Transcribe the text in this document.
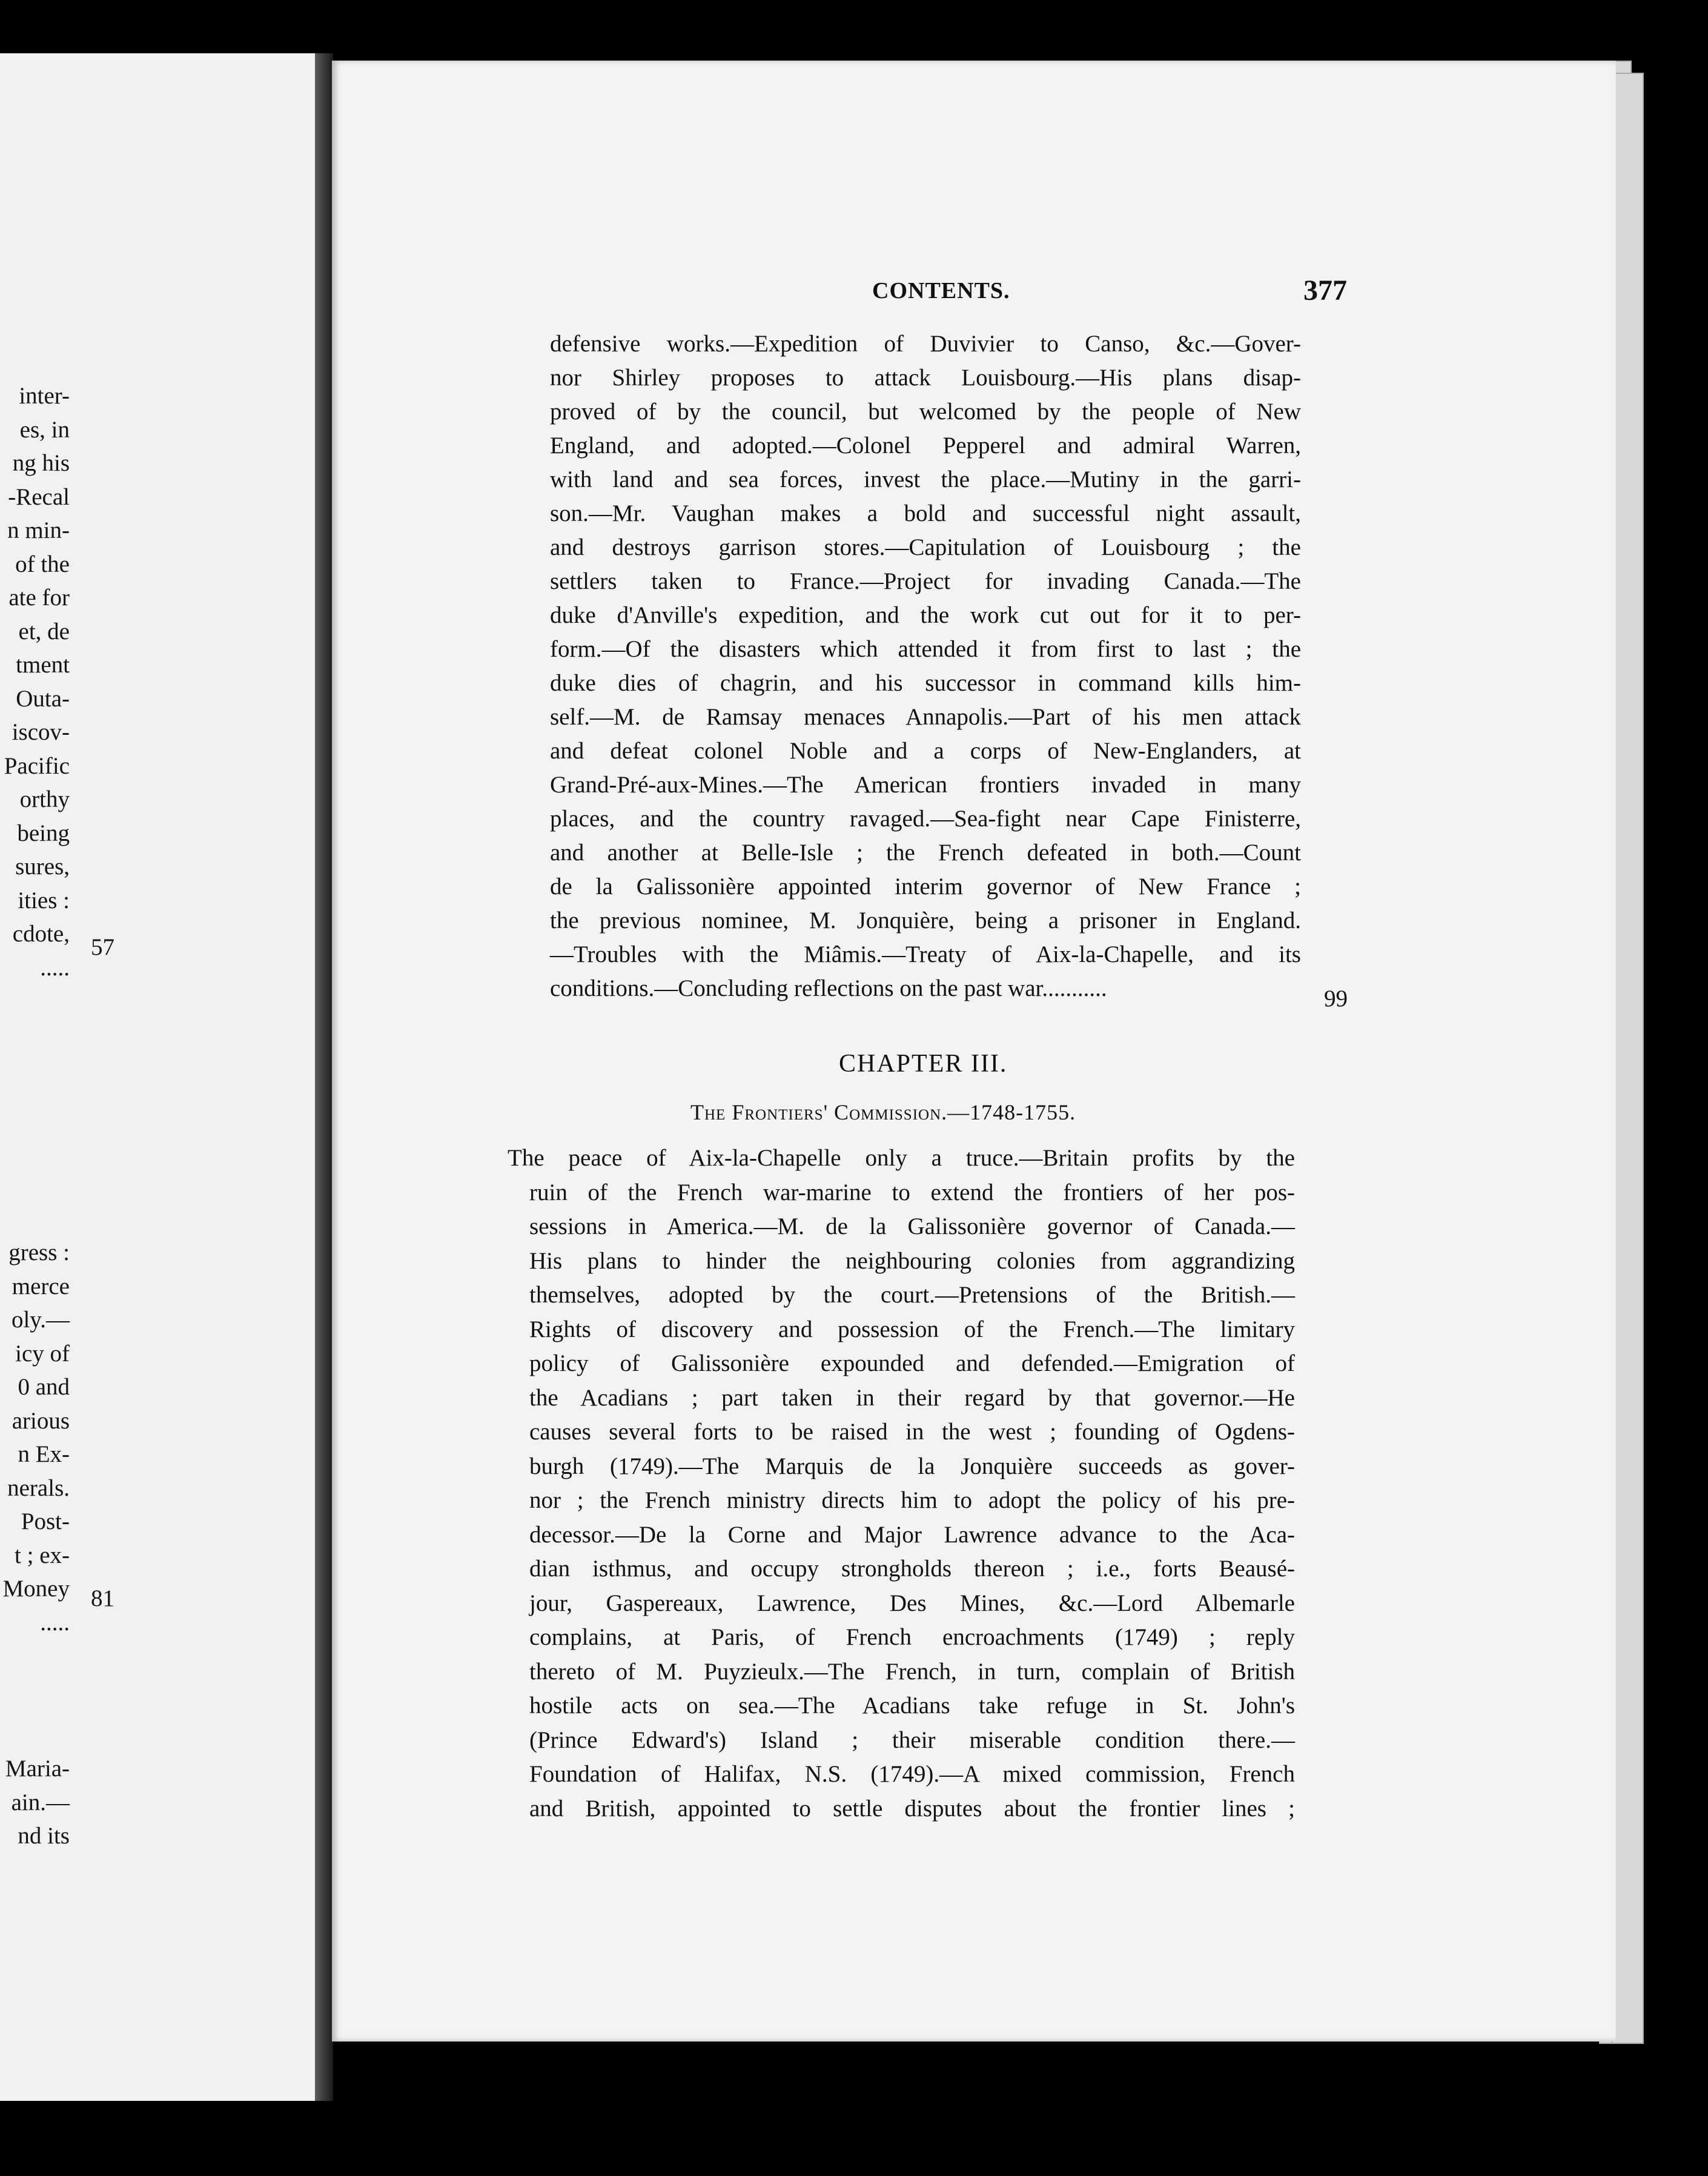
inter-
es, in
ng his
-Recal
n min-
of the
ate for
et, de
tment
Outa-
iscov-
Pacific
orthy
being
sures,
ities :
cdote,
.....
57
gress :
merce
oly.—
icy of
0 and
arious
n Ex-
nerals.
Post-
t ; ex-
Money
.....
81
Maria-
ain.—
nd its
CONTENTS.	377
defensive works.—Expedition of Duvivier to Canso, &c.—Gover-
nor Shirley proposes to attack Louisbourg.—His plans disap-
proved of by the council, but welcomed by the people of New
England, and adopted.—Colonel Pepperel and admiral Warren,
with land and sea forces, invest the place.—Mutiny in the garri-
son.—Mr. Vaughan makes a bold and successful night assault,
and destroys garrison stores.—Capitulation of Louisbourg ; the
settlers taken to France.—Project for invading Canada.—The
duke d'Anville's expedition, and the work cut out for it to per-
form.—Of the disasters which attended it from first to last ; the
duke dies of chagrin, and his successor in command kills him-
self.—M. de Ramsay menaces Annapolis.—Part of his men attack
and defeat colonel Noble and a corps of New-Englanders, at
Grand-Pré-aux-Mines.—The American frontiers invaded in many
places, and the country ravaged.—Sea-fight near Cape Finisterre,
and another at Belle-Isle ; the French defeated in both.—Count
de la Galissonière appointed interim governor of New France ;
the previous nominee, M. Jonquière, being a prisoner in England.
—Troubles with the Miâmis.—Treaty of Aix-la-Chapelle, and its
conditions.—Concluding reflections on the past war...........	99
CHAPTER III.
The Frontiers' Commission.—1748-1755.
The peace of Aix-la-Chapelle only a truce.—Britain profits by the
ruin of the French war-marine to extend the frontiers of her pos-
sessions in America.—M. de la Galissonière governor of Canada.—
His plans to hinder the neighbouring colonies from aggrandizing
themselves, adopted by the court.—Pretensions of the British.—
Rights of discovery and possession of the French.—The limitary
policy of Galissonière expounded and defended.—Emigration of
the Acadians ; part taken in their regard by that governor.—He
causes several forts to be raised in the west ; founding of Ogdens-
burgh (1749).—The Marquis de la Jonquière succeeds as gover-
nor ; the French ministry directs him to adopt the policy of his pre-
decessor.—De la Corne and Major Lawrence advance to the Aca-
dian isthmus, and occupy strongholds thereon ; i.e., forts Beausé-
jour, Gaspereaux, Lawrence, Des Mines, &c.—Lord Albemarle
complains, at Paris, of French encroachments (1749) ; reply
thereto of M. Puyzieulx.—The French, in turn, complain of British
hostile acts on sea.—The Acadians take refuge in St. John's
(Prince Edward's) Island ; their miserable condition there.—
Foundation of Halifax, N.S. (1749).—A mixed commission, French
and British, appointed to settle disputes about the frontier lines ;
